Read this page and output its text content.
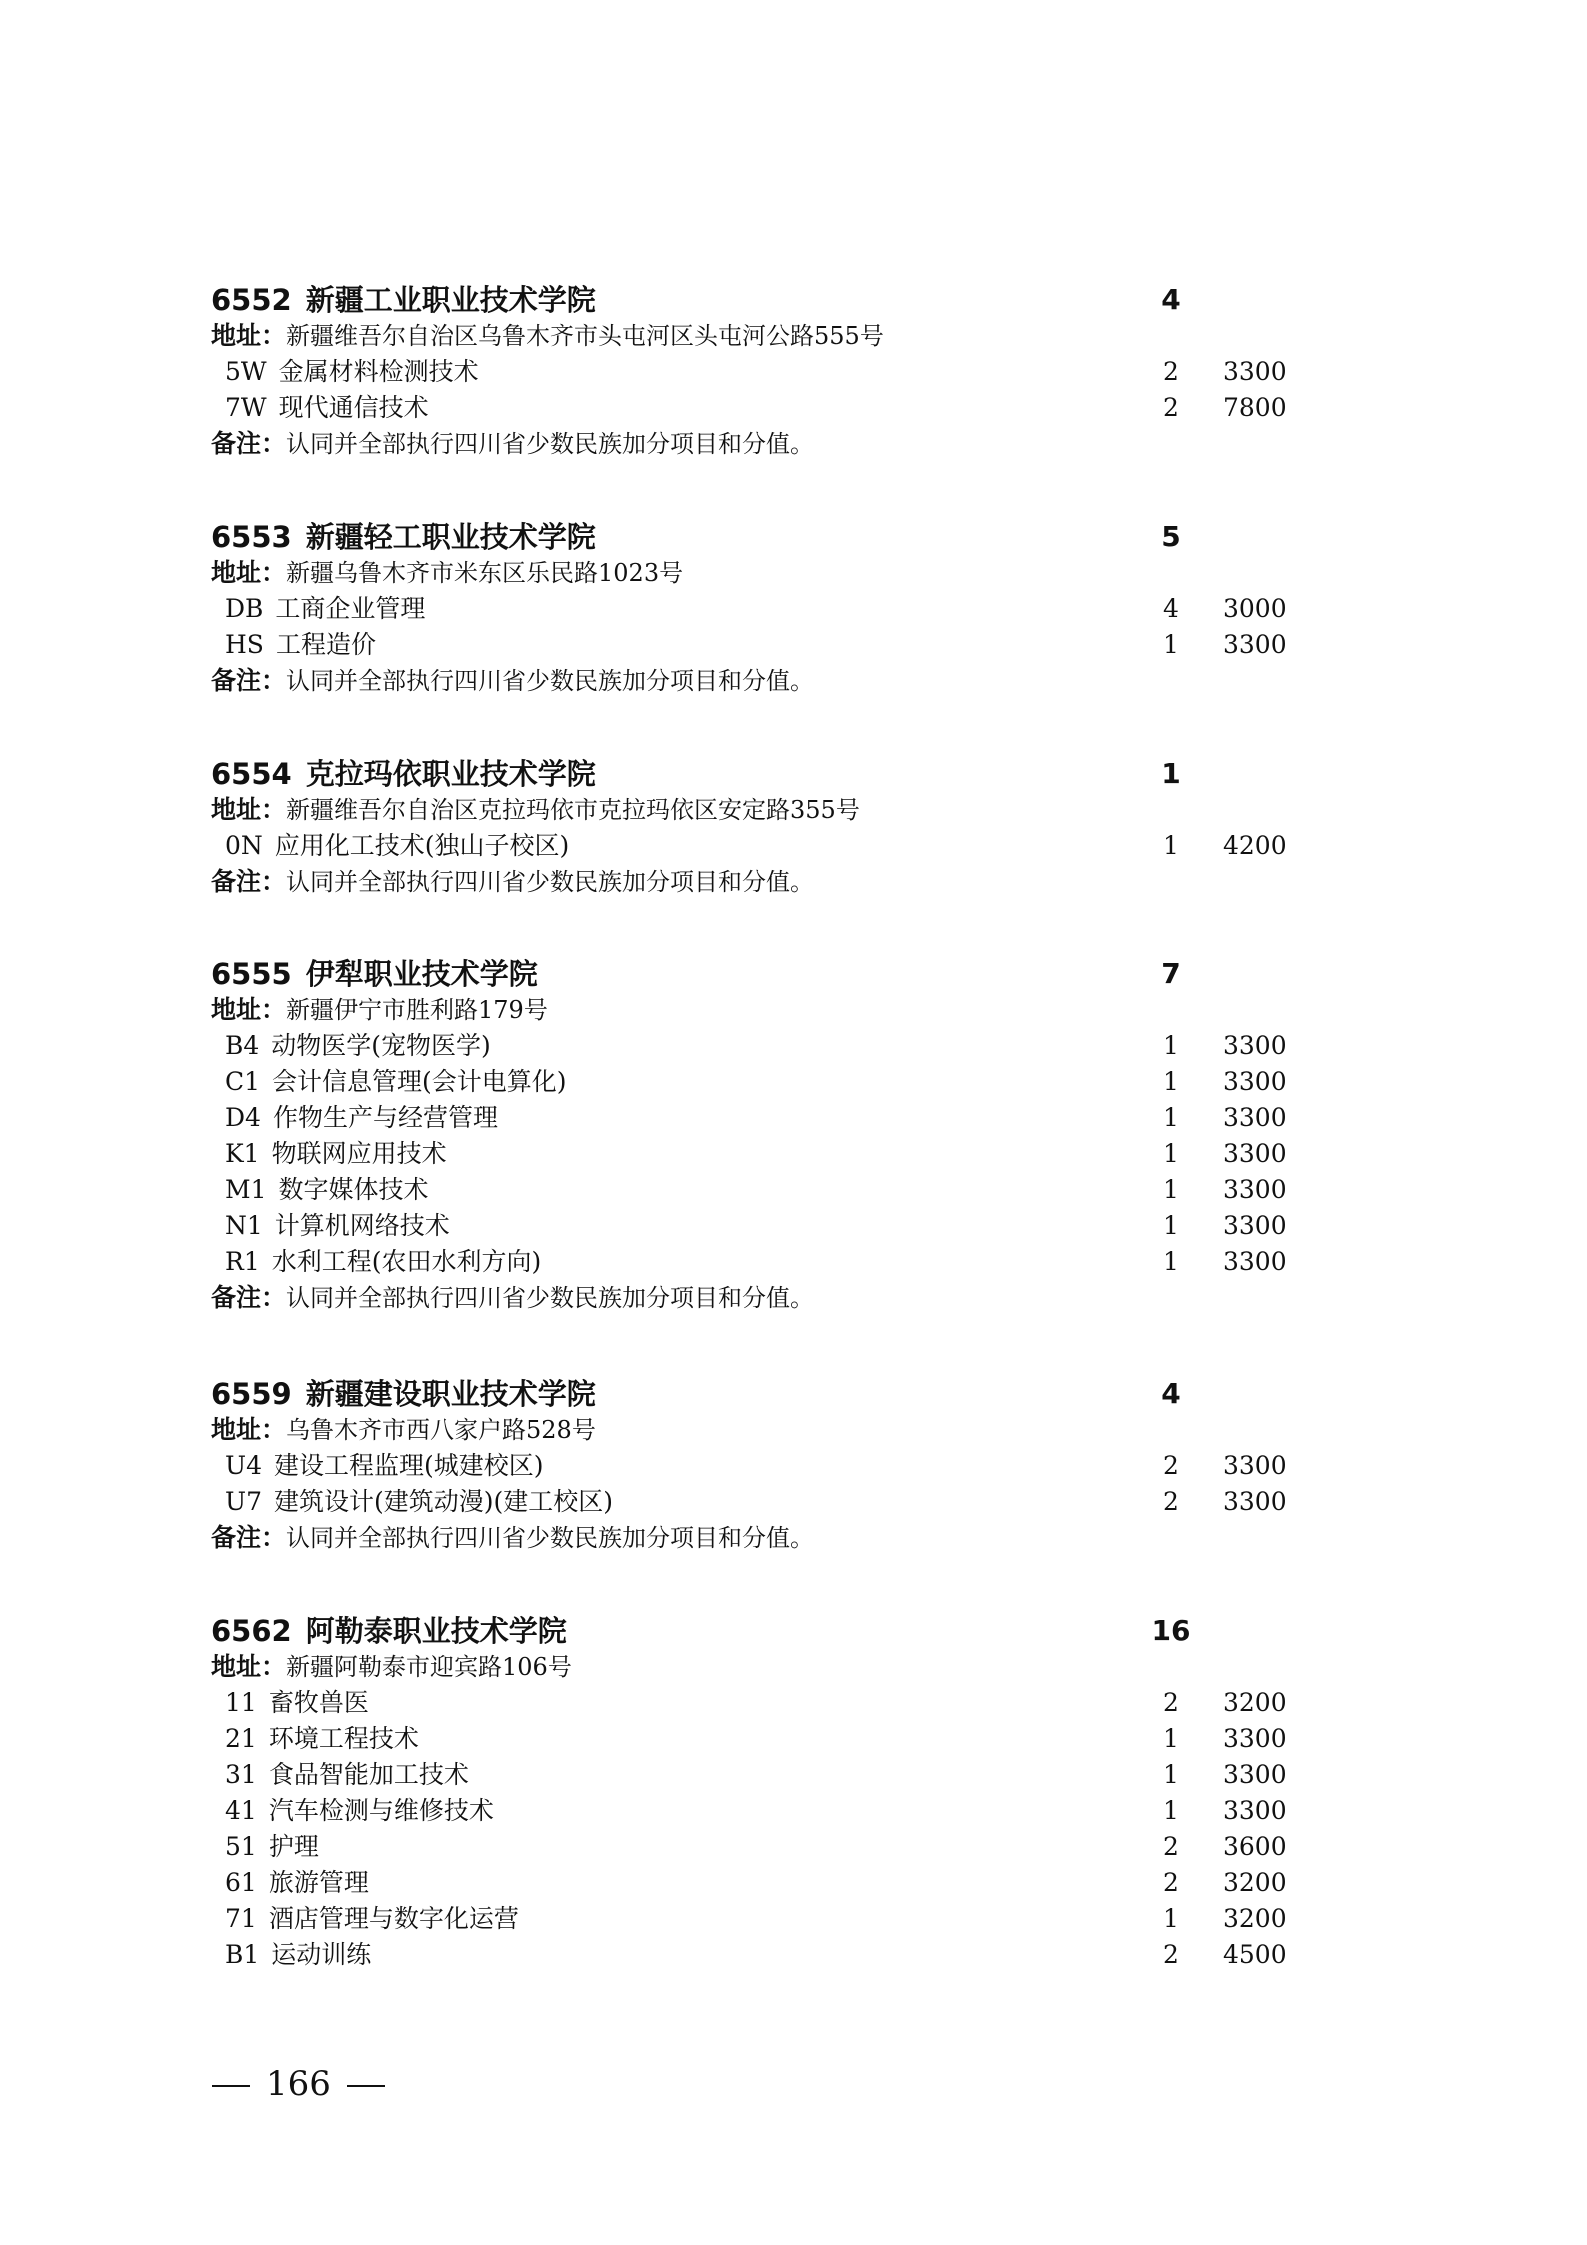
6552 新疆工业职业技术学院	4
地址：新疆维吾尔自治区乌鲁木齐市头屯河区头屯河公路555号
5W 金属材料检测技术	2 3300
7W 现代通信技术	2 7800
备注：认同并全部执行四川省少数民族加分项目和分值。
6553 新疆轻工职业技术学院	5
地址：新疆乌鲁木齐市米东区乐民路1023号
DB 工商企业管理	4 3000
HS 工程造价	1 3300
备注：认同并全部执行四川省少数民族加分项目和分值。
6554 克拉玛依职业技术学院	1
地址：新疆维吾尔自治区克拉玛依市克拉玛依区安定路355号
0N 应用化工技术(独山子校区)	1 4200
备注：认同并全部执行四川省少数民族加分项目和分值。
6555 伊犁职业技术学院	7
地址：新疆伊宁市胜利路179号
B4 动物医学(宠物医学)	1 3300
C1 会计信息管理(会计电算化)	1 3300
D4 作物生产与经营管理	1 3300
K1 物联网应用技术	1 3300
M1 数字媒体技术	1 3300
N1 计算机网络技术	1 3300
R1 水利工程(农田水利方向)	1 3300
备注：认同并全部执行四川省少数民族加分项目和分值。
6559 新疆建设职业技术学院	4
地址：乌鲁木齐市西八家户路528号
U4 建设工程监理(城建校区)	2 3300
U7 建筑设计(建筑动漫)(建工校区)	2 3300
备注：认同并全部执行四川省少数民族加分项目和分值。
6562 阿勒泰职业技术学院	16
地址：新疆阿勒泰市迎宾路106号
11 畜牧兽医	2 3200
21 环境工程技术	1 3300
31 食品智能加工技术	1 3300
41 汽车检测与维修技术	1 3300
51 护理	2 3600
61 旅游管理	2 3200
71 酒店管理与数字化运营	1 3200
B1 运动训练	2 4500
166
